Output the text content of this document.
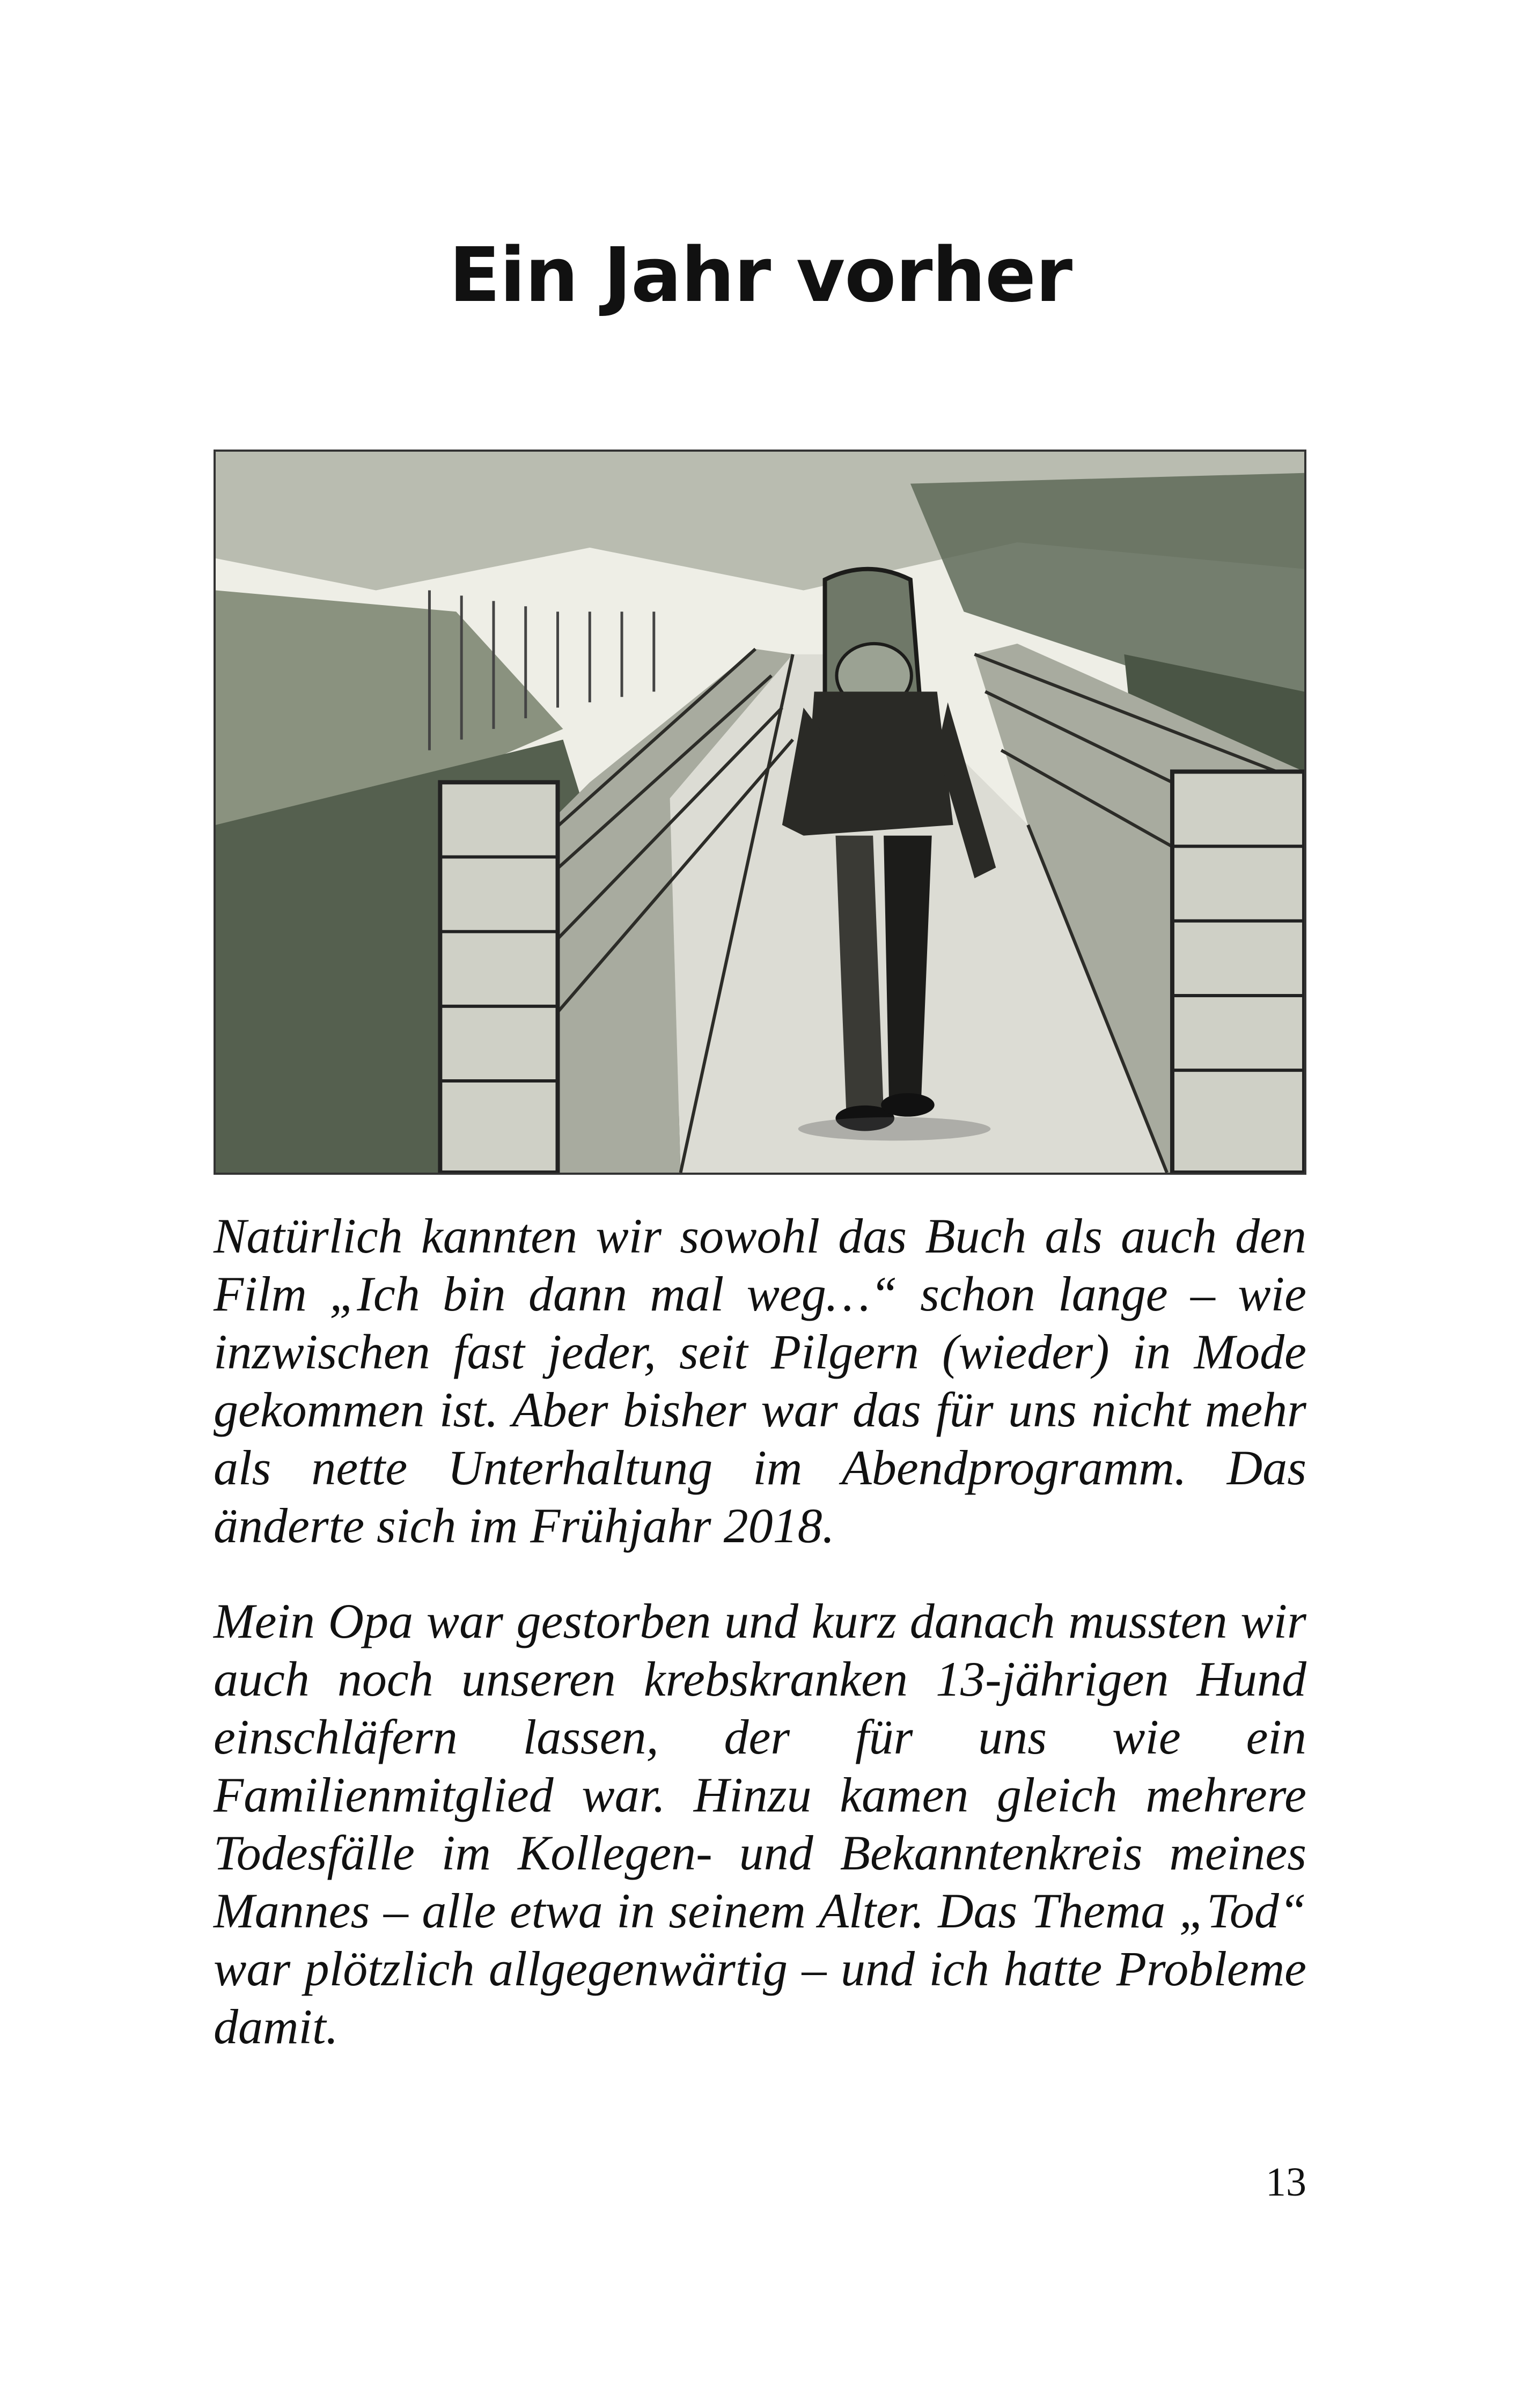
Ein Jahr vorher

Natürlich kannten wir sowohl das Buch als auch den Film „Ich bin dann mal weg…“ schon lange – wie inzwischen fast jeder, seit Pilgern (wieder) in Mode gekommen ist. Aber bisher war das für uns nicht mehr als nette Unterhaltung im Abendprogramm. Das änderte sich im Frühjahr 2018.

Mein Opa war gestorben und kurz danach mussten wir auch noch unseren krebskranken 13-jährigen Hund einschläfern lassen, der für uns wie ein Familienmitglied war. Hinzu kamen gleich mehrere Todesfälle im Kollegen- und Bekanntenkreis meines Mannes – alle etwa in seinem Alter. Das Thema „Tod“ war plötzlich allgegenwärtig – und ich hatte Probleme damit.

13
